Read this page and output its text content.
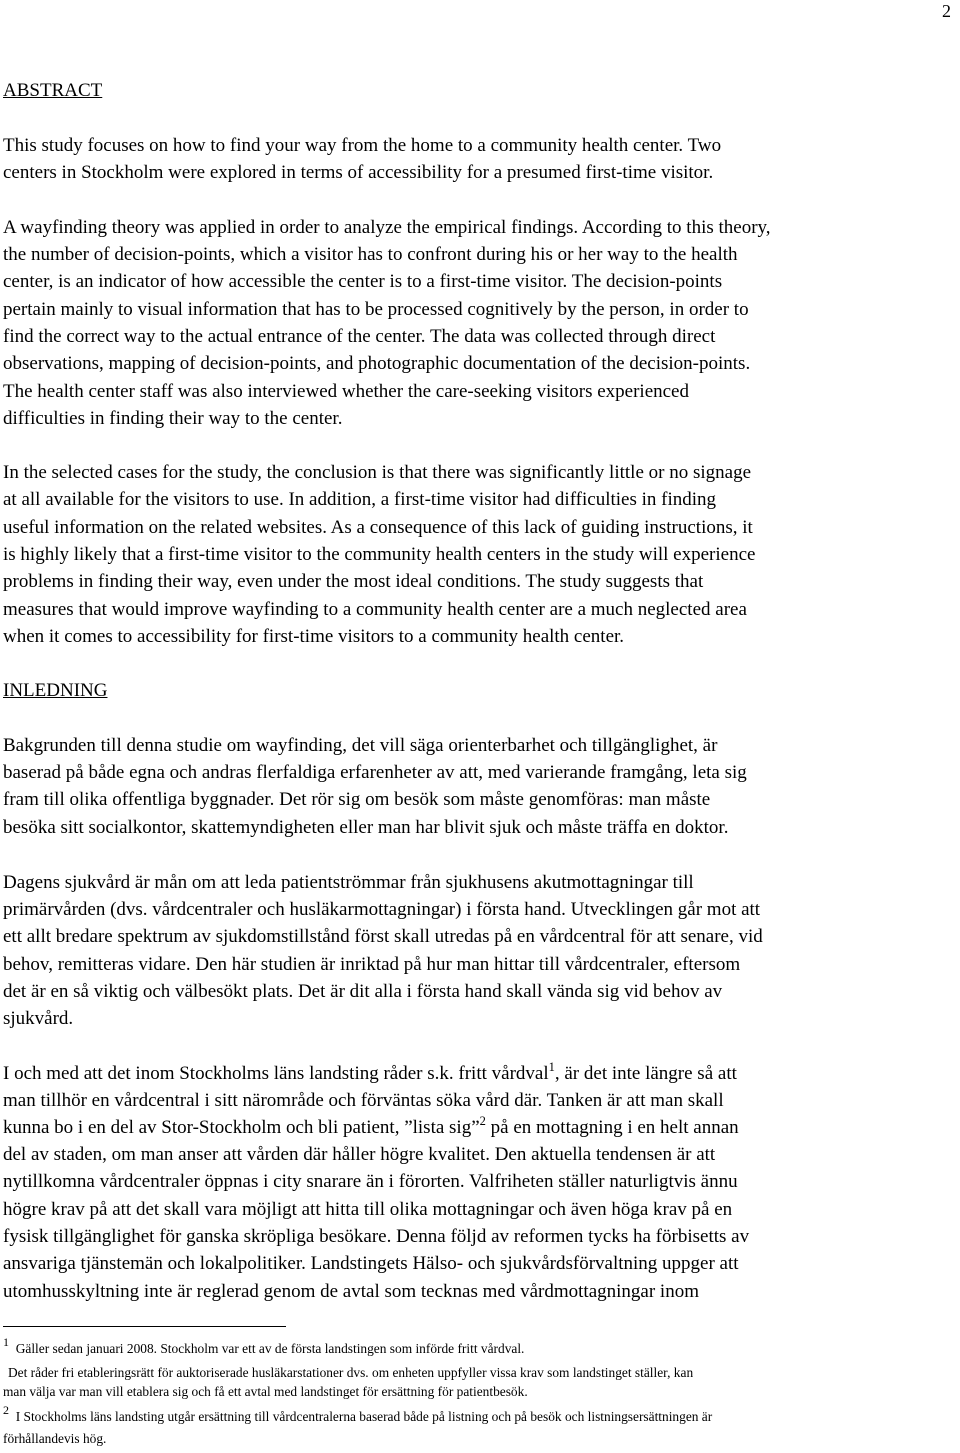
2
ABSTRACT
This study focuses on how to find your way from the home to a community health center. Two
centers in Stockholm were explored in terms of accessibility for a presumed first-time visitor.
A wayfinding theory was applied in order to analyze the empirical findings. According to this theory,
the number of decision-points, which a visitor has to confront during his or her way to the health
center, is an indicator of how accessible the center is to a first-time visitor. The decision-points
pertain mainly to visual information that has to be processed cognitively by the person, in order to
find the correct way to the actual entrance of the center. The data was collected through direct
observations, mapping of decision-points, and photographic documentation of the decision-points.
The health center staff was also interviewed whether the care-seeking visitors experienced
difficulties in finding their way to the center.
In the selected cases for the study, the conclusion is that there was significantly little or no signage
at all available for the visitors to use. In addition, a first-time visitor had difficulties in finding
useful information on the related websites. As a consequence of this lack of guiding instructions, it
is highly likely that a first-time visitor to the community health centers in the study will experience
problems in finding their way, even under the most ideal conditions. The study suggests that
measures that would improve wayfinding to a community health center are a much neglected area
when it comes to accessibility for first-time visitors to a community health center.
INLEDNING
Bakgrunden till denna studie om wayfinding, det vill säga orienterbarhet och tillgänglighet, är
baserad på både egna och andras flerfaldiga erfarenheter av att, med varierande framgång, leta sig
fram till olika offentliga byggnader. Det rör sig om besök som måste genomföras: man måste
besöka sitt socialkontor, skattemyndigheten eller man har blivit sjuk och måste träffa en doktor.
Dagens sjukvård är mån om att leda patientströmmar från sjukhusens akutmottagningar till
primärvården (dvs. vårdcentraler och husläkarmottagningar) i första hand. Utvecklingen går mot att
ett allt bredare spektrum av sjukdomstillstånd först skall utredas på en vårdcentral för att senare, vid
behov, remitteras vidare. Den här studien är inriktad på hur man hittar till vårdcentraler, eftersom
det är en så viktig och välbesökt plats. Det är dit alla i första hand skall vända sig vid behov av
sjukvård.
I och med att det inom Stockholms läns landsting råder s.k. fritt vårdval$^1$, är det inte längre så att
man tillhör en vårdcentral i sitt närområde och förväntas söka vård där. Tanken är att man skall
kunna bo i en del av Stor-Stockholm och bli patient, ”lista sig”$^2$ på en mottagning i en helt annan
del av staden, om man anser att vården där håller högre kvalitet. Den aktuella tendensen är att
nytillkomna vårdcentraler öppnas i city snarare än i förorten. Valfriheten ställer naturligtvis ännu
högre krav på att det skall vara möjligt att hitta till olika mottagningar och även höga krav på en
fysisk tillgänglighet för ganska skröpliga besökare. Denna följd av reformen tycks ha förbisetts av
ansvariga tjänstemän och lokalpolitiker. Landstingets Hälso- och sjukvårdsförvaltning uppger att
utomhusskyltning inte är reglerad genom de avtal som tecknas med vårdmottagningar inom
1 Gäller sedan januari 2008. Stockholm var ett av de första landstingen som införde fritt vårdval.
Det råder fri etableringsrätt för auktoriserade husläkarstationer dvs. om enheten uppfyller vissa krav som landstinget ställer, kan
man välja var man vill etablera sig och få ett avtal med landstinget för ersättning för patientbesök.
2 I Stockholms läns landsting utgår ersättning till vårdcentralerna baserad både på listning och på besök och listningsersättningen är
förhållandevis hög.
